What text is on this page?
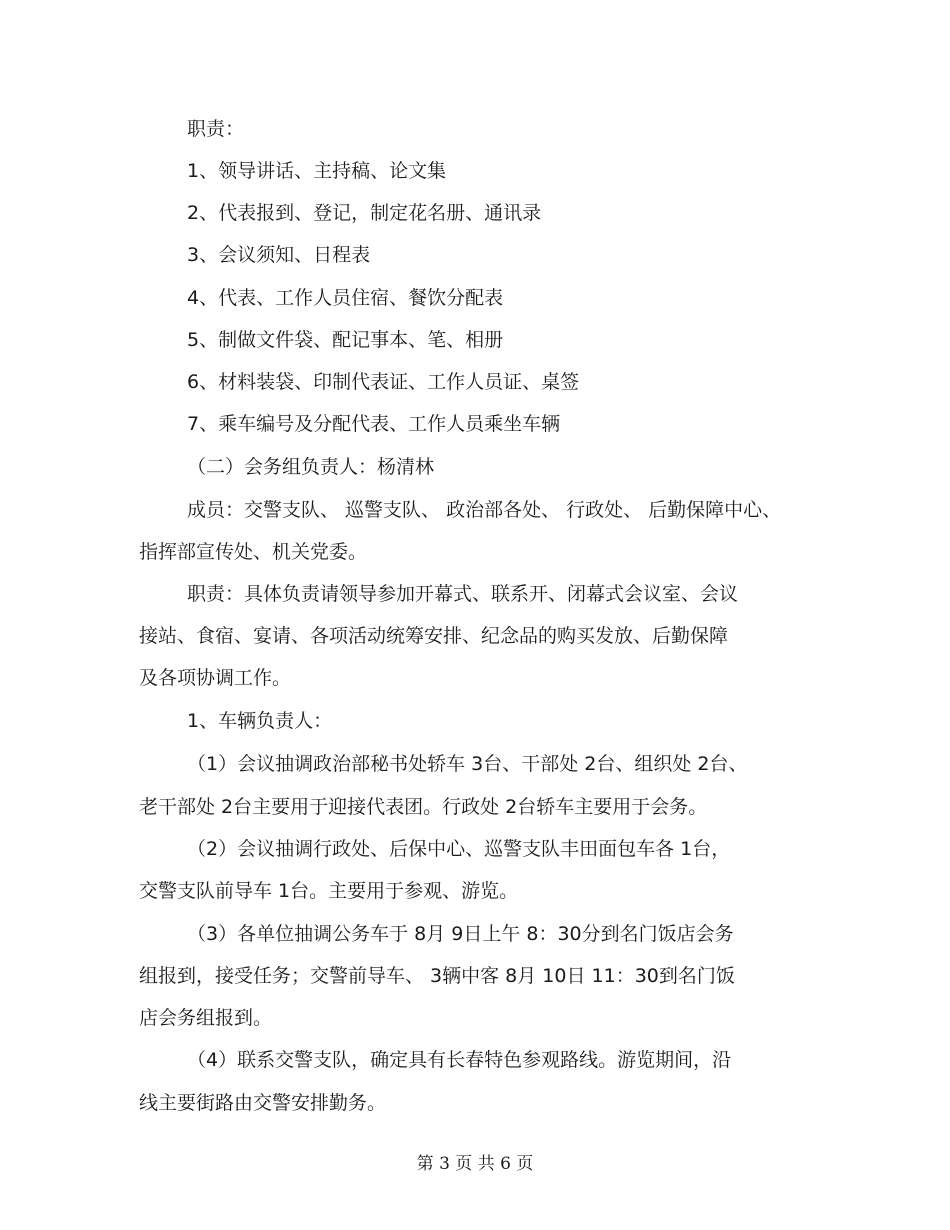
职责：
1、领导讲话、主持稿、论文集
2、代表报到、登记，制定花名册、通讯录
3、会议须知、日程表
4、代表、工作人员住宿、餐饮分配表
5、制做文件袋、配记事本、笔、相册
6、材料装袋、印制代表证、工作人员证、桌签
7、乘车编号及分配代表、工作人员乘坐车辆
（二）会务组负责人：杨清林
成员：交警支队、 巡警支队、 政治部各处、 行政处、 后勤保障中心、
指挥部宣传处、机关党委。
职责：具体负责请领导参加开幕式、联系开、闭幕式会议室、会议
接站、食宿、宴请、各项活动统筹安排、纪念品的购买发放、后勤保障
及各项协调工作。
1、车辆负责人：
（1）会议抽调政治部秘书处轿车 3台、干部处 2台、组织处 2台、
老干部处 2台主要用于迎接代表团。行政处 2台轿车主要用于会务。
（2）会议抽调行政处、后保中心、巡警支队丰田面包车各 1台，
交警支队前导车 1台。主要用于参观、游览。
（3）各单位抽调公务车于 8月 9日上午 8：30分到名门饭店会务
组报到，接受任务；交警前导车、 3辆中客 8月 10日 11：30到名门饭
店会务组报到。
（4）联系交警支队，确定具有长春特色参观路线。游览期间，沿
线主要街路由交警安排勤务。
第 3 页 共 6 页
